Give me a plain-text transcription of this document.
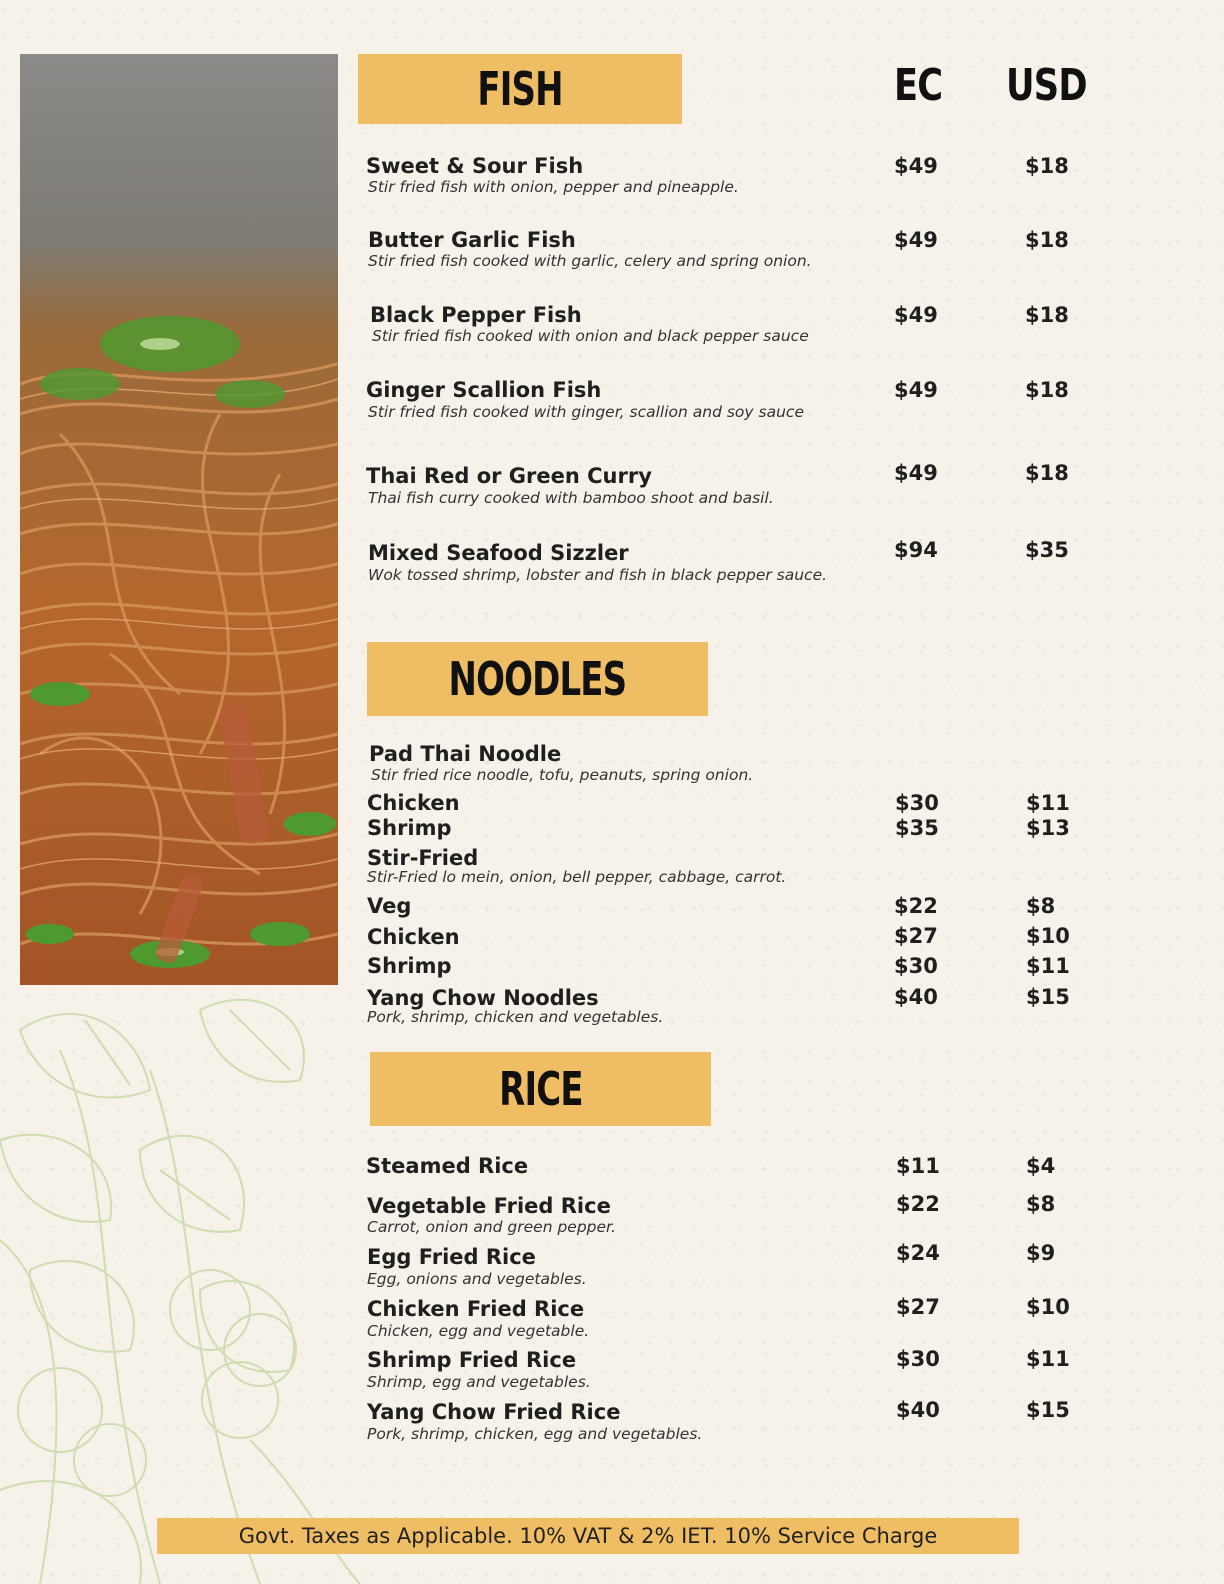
FISH	EC USD
Sweet & Sour Fish
Stir fried fish with onion, pepper and pineapple.
$49	$18
Butter Garlic Fish
Stir fried fish cooked with garlic, celery and spring onion.
$49	$18
Black Pepper Fish
Stir fried fish cooked with onion and black pepper sauce
$49	$18
Ginger Scallion Fish
Stir fried fish cooked with ginger, scallion and soy sauce
$49	$18
Thai Red or Green Curry
Thai fish curry cooked with bamboo shoot and basil.
$49	$18
Mixed Seafood Sizzler
Wok tossed shrimp, lobster and fish in black pepper sauce.
$94	$35
NOODLES
Pad Thai Noodle
Stir fried rice noodle, tofu, peanuts, spring onion.
Chicken	$30	$11
Shrimp	$35	$13
Stir-Fried
Stir-Fried lo mein, onion, bell pepper, cabbage, carrot.
Veg	$22	$8
Chicken	$27	$10
Shrimp	$30	$11
Yang Chow Noodles
Pork, shrimp, chicken and vegetables.
$40	$15
RICE
Steamed Rice	$11	$4
Vegetable Fried Rice
Carrot, onion and green pepper.
$22	$8
Egg Fried Rice
Egg, onions and vegetables.
$24	$9
Chicken Fried Rice
Chicken, egg and vegetable.
$27	$10
Shrimp Fried Rice
Shrimp, egg and vegetables.
$30	$11
Yang Chow Fried Rice
Pork, shrimp, chicken, egg and vegetables.
$40	$15
Govt. Taxes as Applicable. 10% VAT & 2% IET. 10% Service Charge
